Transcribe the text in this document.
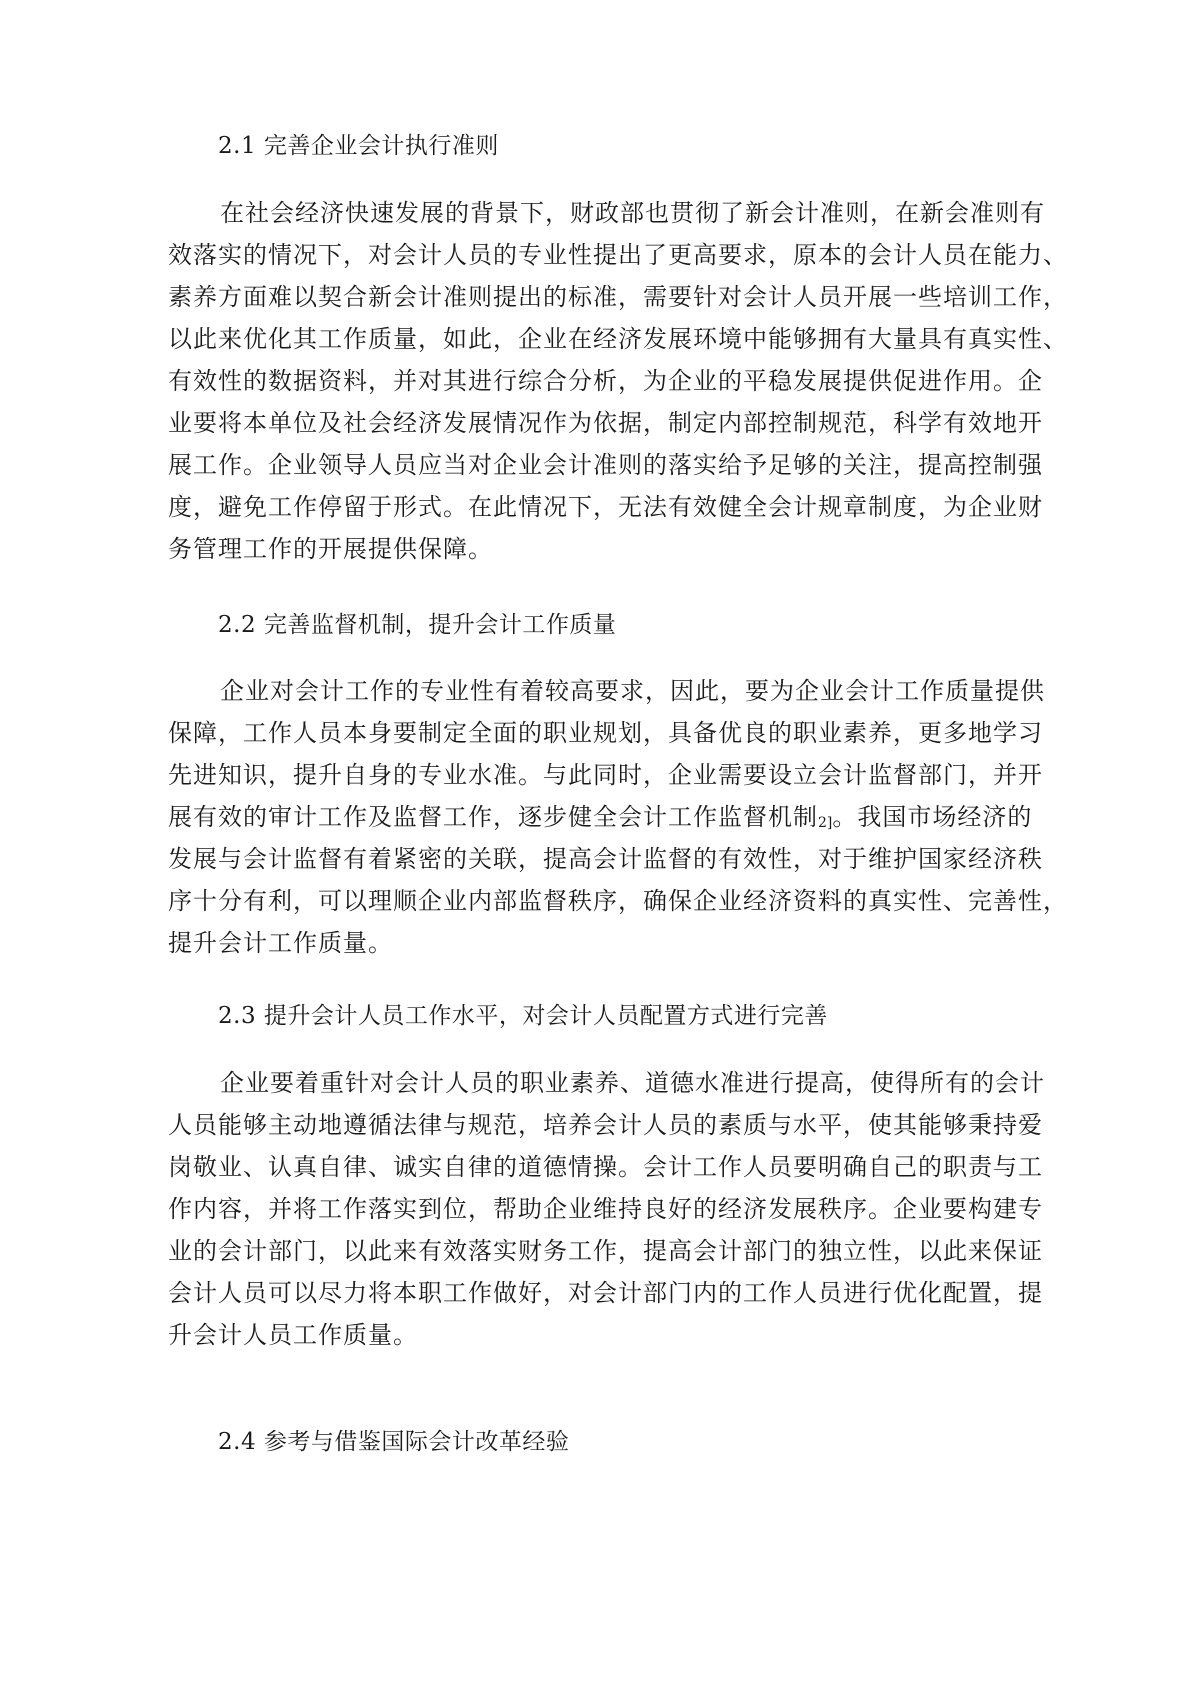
2.1 完善企业会计执行准则
在社会经济快速发展的背景下，财政部也贯彻了新会计准则，在新会准则有
效落实的情况下，对会计人员的专业性提出了更高要求，原本的会计人员在能力、
素养方面难以契合新会计准则提出的标准，需要针对会计人员开展一些培训工作，
以此来优化其工作质量，如此，企业在经济发展环境中能够拥有大量具有真实性、
有效性的数据资料，并对其进行综合分析，为企业的平稳发展提供促进作用。企
业要将本单位及社会经济发展情况作为依据，制定内部控制规范，科学有效地开
展工作。企业领导人员应当对企业会计准则的落实给予足够的关注，提高控制强
度，避免工作停留于形式。在此情况下，无法有效健全会计规章制度，为企业财
务管理工作的开展提供保障。
2.2 完善监督机制，提升会计工作质量
企业对会计工作的专业性有着较高要求，因此，要为企业会计工作质量提供
保障，工作人员本身要制定全面的职业规划，具备优良的职业素养，更多地学习
先进知识，提升自身的专业水准。与此同时，企业需要设立会计监督部门，并开
展有效的审计工作及监督工作，逐步健全会计工作监督机制$^{2]}$。我国市场经济的
发展与会计监督有着紧密的关联，提高会计监督的有效性，对于维护国家经济秩
序十分有利，可以理顺企业内部监督秩序，确保企业经济资料的真实性、完善性，
提升会计工作质量。
2.3 提升会计人员工作水平，对会计人员配置方式进行完善
企业要着重针对会计人员的职业素养、道德水准进行提高，使得所有的会计
人员能够主动地遵循法律与规范，培养会计人员的素质与水平，使其能够秉持爱
岗敬业、认真自律、诚实自律的道德情操。会计工作人员要明确自己的职责与工
作内容，并将工作落实到位，帮助企业维持良好的经济发展秩序。企业要构建专
业的会计部门，以此来有效落实财务工作，提高会计部门的独立性，以此来保证
会计人员可以尽力将本职工作做好，对会计部门内的工作人员进行优化配置，提
升会计人员工作质量。
2.4 参考与借鉴国际会计改革经验
